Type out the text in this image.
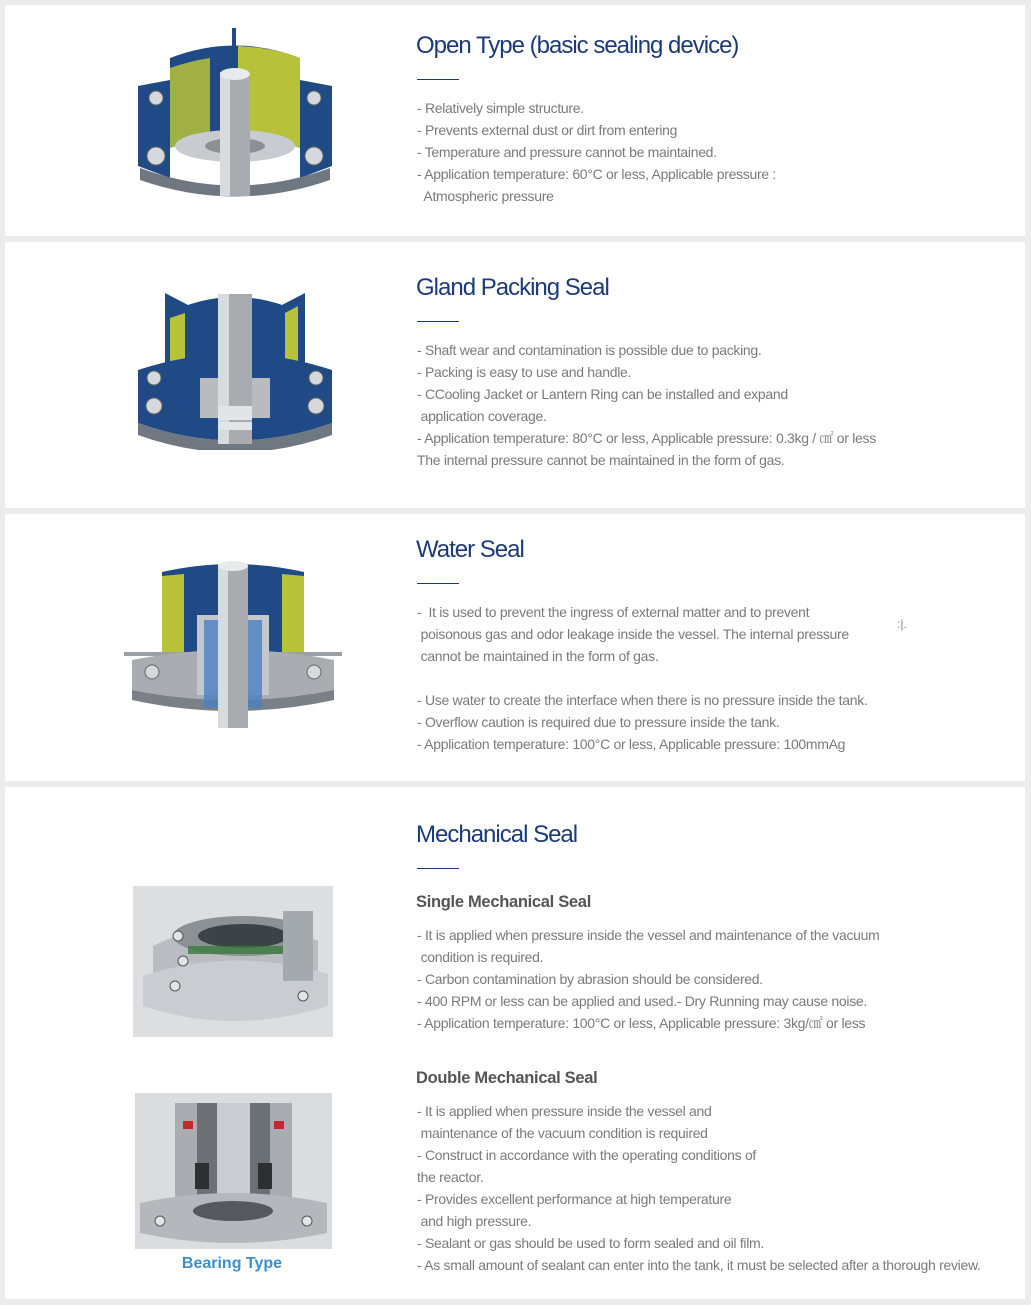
Open Type (basic sealing device)
- Relatively simple structure.
- Prevents external dust or dirt from entering
- Temperature and pressure cannot be maintained.
- Application temperature: 60°C or less, Applicable pressure :
Atmospheric pressure
Gland Packing Seal
- Shaft wear and contamination is possible due to packing.
- Packing is easy to use and handle.
- CCooling Jacket or Lantern Ring can be installed and expand
application coverage.
- Application temperature: 80°C or less, Applicable pressure: 0.3kg / ㎠ or less
The internal pressure cannot be maintained in the form of gas.
Water Seal
-  It is used to prevent the ingress of external matter and to prevent
poisonous gas and odor leakage inside the vessel. The internal pressure
cannot be maintained in the form of gas.
- Use water to create the interface when there is no pressure inside the tank.
- Overflow caution is required due to pressure inside the tank.
- Application temperature: 100°C or less, Applicable pressure: 100mmAg
:|.
Mechanical Seal
Single Mechanical Seal
- It is applied when pressure inside the vessel and maintenance of the vacuum
condition is required.
- Carbon contamination by abrasion should be considered.
- 400 RPM or less can be applied and used.- Dry Running may cause noise.
- Application temperature: 100°C or less, Applicable pressure: 3kg/㎠ or less
Bearing Type
Double Mechanical Seal
- It is applied when pressure inside the vessel and
maintenance of the vacuum condition is required
- Construct in accordance with the operating conditions of
the reactor.
- Provides excellent performance at high temperature
and high pressure.
- Sealant or gas should be used to form sealed and oil film.
- As small amount of sealant can enter into the tank, it must be selected after a thorough review.
